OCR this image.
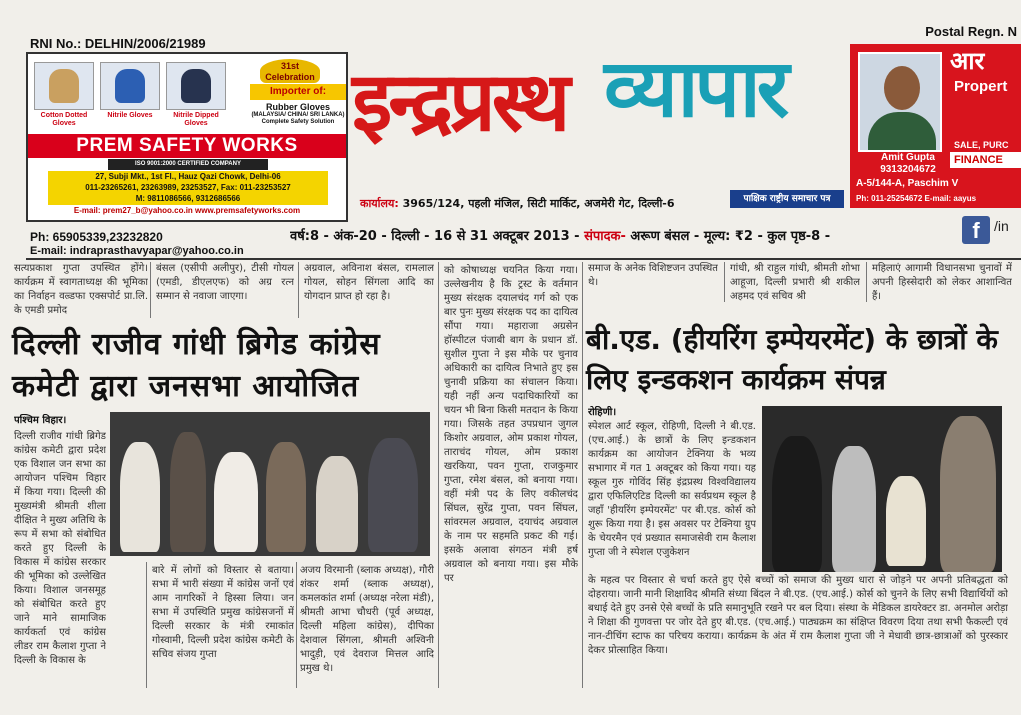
RNI No.: DELHIN/2006/21989
Postal Regn. N
Cotton Dotted Gloves
Nitrile Gloves	Nitrile Dipped Gloves
31st Celebration
Importer of:
Rubber Gloves
(MALAYSIA/ CHINA/ SRI LANKA) Complete Safety Solution
PREM SAFETY WORKS
ISO 9001:2000 CERTIFIED COMPANY
27, Subji Mkt., 1st Fl., Hauz Qazi Chowk, Delhi-06
011-23265261, 23263989, 23253527, Fax: 011-23253527
M: 9811086566, 9312686566
E-mail: prem27_b@yahoo.co.in www.premsafetyworks.com
इन्द्रप्रस्थ व्यापार
कार्यालय: 3965/124, पहली मंजिल, सिटी मार्किट, अजमेरी गेट, दिल्ली-6	पाक्षिक राष्ट्रीय समाचार पत्र
आर
Propert
Amit Gupta
9313204672
SALE, PURC
FINANCE
A-5/144-A, Paschim V
Ph: 011-25254672 E-mail: aayus
Ph: 65905339,23232820
E-mail: indraprasthavyapar@yahoo.co.in
वर्ष:8 - अंक-20 - दिल्ली - 16 से 31 अक्टूबर 2013 - संपादक- अरूण बंसल - मूल्य: ₹2 - कुल पृष्ठ-8 -	f	/in
सत्यप्रकाश गुप्ता उपस्थित होंगे। कार्यक्रम में स्वागताध्यक्ष की भूमिका का निर्वाहन वल्र्डफा एक्सपोर्ट प्रा.लि. के एमडी प्रमोद
बंसल (एसीपी अलीपुर), टीसी गोयल (एमडी, डीएलएफ) को अग्र रत्न सम्मान से नवाजा जाएगा।
अग्रवाल, अविनाश बंसल, रामलाल गोयल, सोहन सिंगला आदि का योगदान प्राप्त हो रहा है।
दिल्ली राजीव गांधी ब्रिगेड कांग्रेस कमेटी द्वारा जनसभा आयोजित
पश्चिम विहार।
दिल्ली राजीव गांधी ब्रिगेड कांग्रेस कमेटी द्वारा प्रदेश एक विशाल जन सभा का आयोजन पश्चिम विहार में किया गया। दिल्ली की मुख्यमंत्री श्रीमती शीला दीक्षित ने मुख्य अतिथि के रूप में सभा को संबोधित करते हुए दिल्ली के विकास में कांग्रेस सरकार की भूमिका को उल्लेखित किया। विशाल जनसमूह को संबोधित करते हुए जाने माने सामाजिक कार्यकर्ता एवं कांग्रेस लीडर राम कैलाश गुप्ता ने दिल्ली के विकास के
बारे में लोगों को विस्तार से बताया। सभा में भारी संख्या में कांग्रेस जनों एवं आम नागरिकों ने हिस्सा लिया। जन सभा में उपस्थिति प्रमुख कांग्रेसजनों में दिल्ली सरकार के मंत्री रमाकांत गोस्वामी, दिल्ली प्रदेश कांग्रेस कमेटी के सचिव संजय गुप्ता
अजय विरमानी (ब्लाक अध्यक्ष), गौरी शंकर शर्मा (ब्लाक अध्यक्ष), कमलकांत शर्मा (अध्यक्ष नरेला मंडी), श्रीमती आभा चौधरी (पूर्व अध्यक्ष, दिल्ली महिला कांग्रेस), दीपिका देशवाल सिंगला, श्रीमती अश्विनी भादुड़ी, एवं देवराज मित्तल आदि प्रमुख थे।
को कोषाध्यक्ष चयनित किया गया। उल्लेखनीय है कि ट्रस्ट के वर्तमान मुख्य संरक्षक दयालचंद गर्ग को एक बार पुनः मुख्य संरक्षक पद का दायित्व सौंपा गया। महाराजा अग्रसेन हॉस्पीटल पंजाबी बाग के प्रधान डॉ. सुशील गुप्ता ने इस मौके पर चुनाव अधिकारी का दायित्व निभाते हुए इस चुनावी प्रक्रिया का संचालन किया। यही नहीं अन्य पदाधिकारियों का चयन भी बिना किसी मतदान के किया गया। जिसके तहत उपप्रधान जुगल किशोर अग्रवाल, ओम प्रकाश गोयल, ताराचंद गोयल, ओम प्रकाश खरकिया, पवन गुप्ता, राजकुमार गुप्ता, रमेश बंसल, को बनाया गया। वहीं मंत्री पद के लिए वकीलचंद सिंघल, सुरेंद्र गुप्ता, पवन सिंघल, सांवरमल अग्रवाल, दयाचंद अग्रवाल के नाम पर सहमति प्रकट की गई। इसके अलावा संगठन मंत्री हर्ष अग्रवाल को बनाया गया। इस मौके पर
समाज के अनेक विशिष्टजन उपस्थित थे।
गांधी, श्री राहुल गांधी, श्रीमती शोभा आहूजा, दिल्ली प्रभारी श्री शकील अहमद एवं सचिव श्री
महिलाएं आगामी विधानसभा चुनावों में अपनी हिस्सेदारी को लेकर आशान्वित हैं।
बी.एड. (हीयरिंग इम्पेयरमेंट) के छात्रों के लिए इन्डकशन कार्यक्रम संपन्न
रोहिणी।
स्पेशल आर्ट स्कूल, रोहिणी, दिल्ली ने बी.एड. (एच.आई.) के छात्रों के लिए इन्डकशन कार्यक्रम का आयोजन टेक्निया के भव्य सभागार में गत 1 अक्टूबर को किया गया। यह स्कूल गुरु गोविंद सिंह इंद्रप्रस्थ विश्वविद्यालय द्वारा एफिलिएटिड दिल्ली का सर्वप्रथम स्कूल है जहाँ 'हीयरिंग इम्पेयरमेंट' पर बी.एड. कोर्स को शुरू किया गया है। इस अवसर पर टेक्निया ग्रुप के चेयरमैन एवं प्रख्यात समाजसेवी राम कैलाश गुप्ता जी ने स्पेशल एजुकेशन
के महत्व पर विस्तार से चर्चा करते हुए ऐसे बच्चों को समाज की मुख्य धारा से जोड़ने पर अपनी प्रतिबद्धता को दोहराया। जानी मानी शिक्षाविद श्रीमति संध्या बिंदल ने बी.एड. (एच.आई.) कोर्स को चुनने के लिए सभी विद्यार्थियों को बधाई देते हुए उनसे ऐसे बच्चों के प्रति समानुभूति रखने पर बल दिया। संस्था के मेडिकल डायरेक्टर डा. अनमोल अरोड़ा ने शिक्षा की गुणवत्ता पर जोर देते हुए बी.एड. (एच.आई.) पाठ्यक्रम का संक्षिप्त विवरण दिया तथा सभी फैकल्टी एवं नान-टीचिंग स्टाफ का परिचय कराया। कार्यक्रम के अंत में राम कैलाश गुप्ता जी ने मेधावी छात्र-छात्राओं को पुरस्कार देकर प्रोत्साहित किया।
